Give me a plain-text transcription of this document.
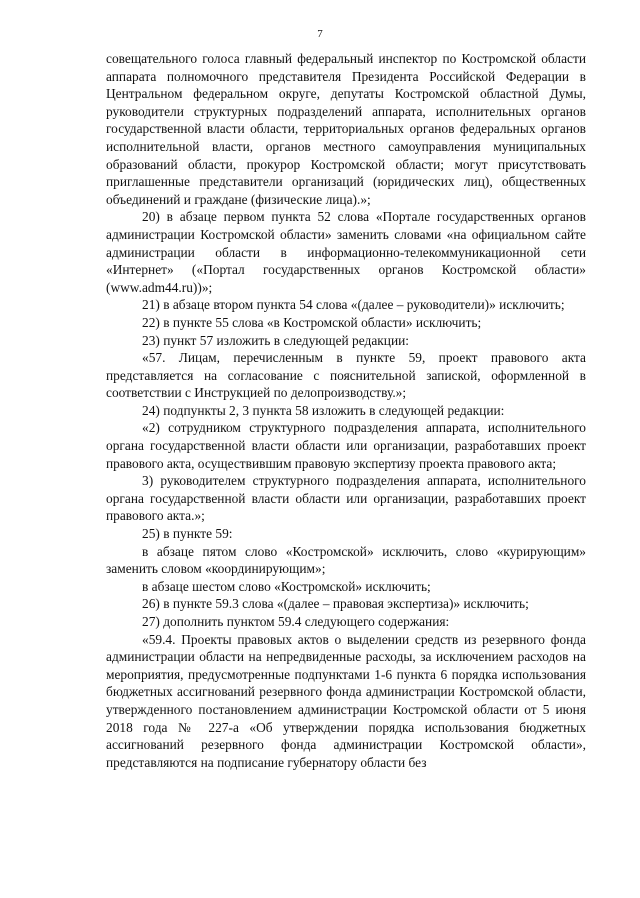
7

совещательного голоса главный федеральный инспектор по Костромской области аппарата полномочного представителя Президента Российской Федерации в Центральном федеральном округе, депутаты Костромской областной Думы, руководители структурных подразделений аппарата, исполнительных органов государственной власти области, территориальных органов федеральных органов исполнительной власти, органов местного самоуправления муниципальных образований области, прокурор Костромской области; могут присутствовать приглашенные представители организаций (юридических лиц), общественных объединений и граждане (физические лица).»;

20) в абзаце первом пункта 52 слова «Портале государственных органов администрации Костромской области» заменить словами «на официальном сайте администрации области в информационно-телекоммуникационной сети «Интернет» («Портал государственных органов Костромской области» (www.adm44.ru))»;

21) в абзаце втором пункта 54 слова «(далее – руководители)» исключить;

22) в пункте 55 слова «в Костромской области» исключить;

23) пункт 57 изложить в следующей редакции:

«57. Лицам, перечисленным в пункте 59, проект правового акта представляется на согласование с пояснительной запиской, оформленной в соответствии с Инструкцией по делопроизводству.»;

24) подпункты 2, 3 пункта 58 изложить в следующей редакции:

«2) сотрудником структурного подразделения аппарата, исполнительного органа государственной власти области или организации, разработавших проект правового акта, осуществившим правовую экспертизу проекта правового акта;

3) руководителем структурного подразделения аппарата, исполнительного органа государственной власти области или организации, разработавших проект правового акта.»;

25) в пункте 59:

в абзаце пятом слово «Костромской» исключить, слово «курирующим» заменить словом «координирующим»;

в абзаце шестом слово «Костромской» исключить;

26) в пункте 59.3 слова «(далее – правовая экспертиза)» исключить;

27) дополнить пунктом 59.4 следующего содержания:

«59.4. Проекты правовых актов о выделении средств из резервного фонда администрации области на непредвиденные расходы, за исключением расходов на мероприятия, предусмотренные подпунктами 1-6 пункта 6 порядка использования бюджетных ассигнований резервного фонда администрации Костромской области, утвержденного постановлением администрации Костромской области от 5 июня 2018 года № 227-а «Об утверждении порядка использования бюджетных ассигнований резервного фонда администрации Костромской области», представляются на подписание губернатору области без
